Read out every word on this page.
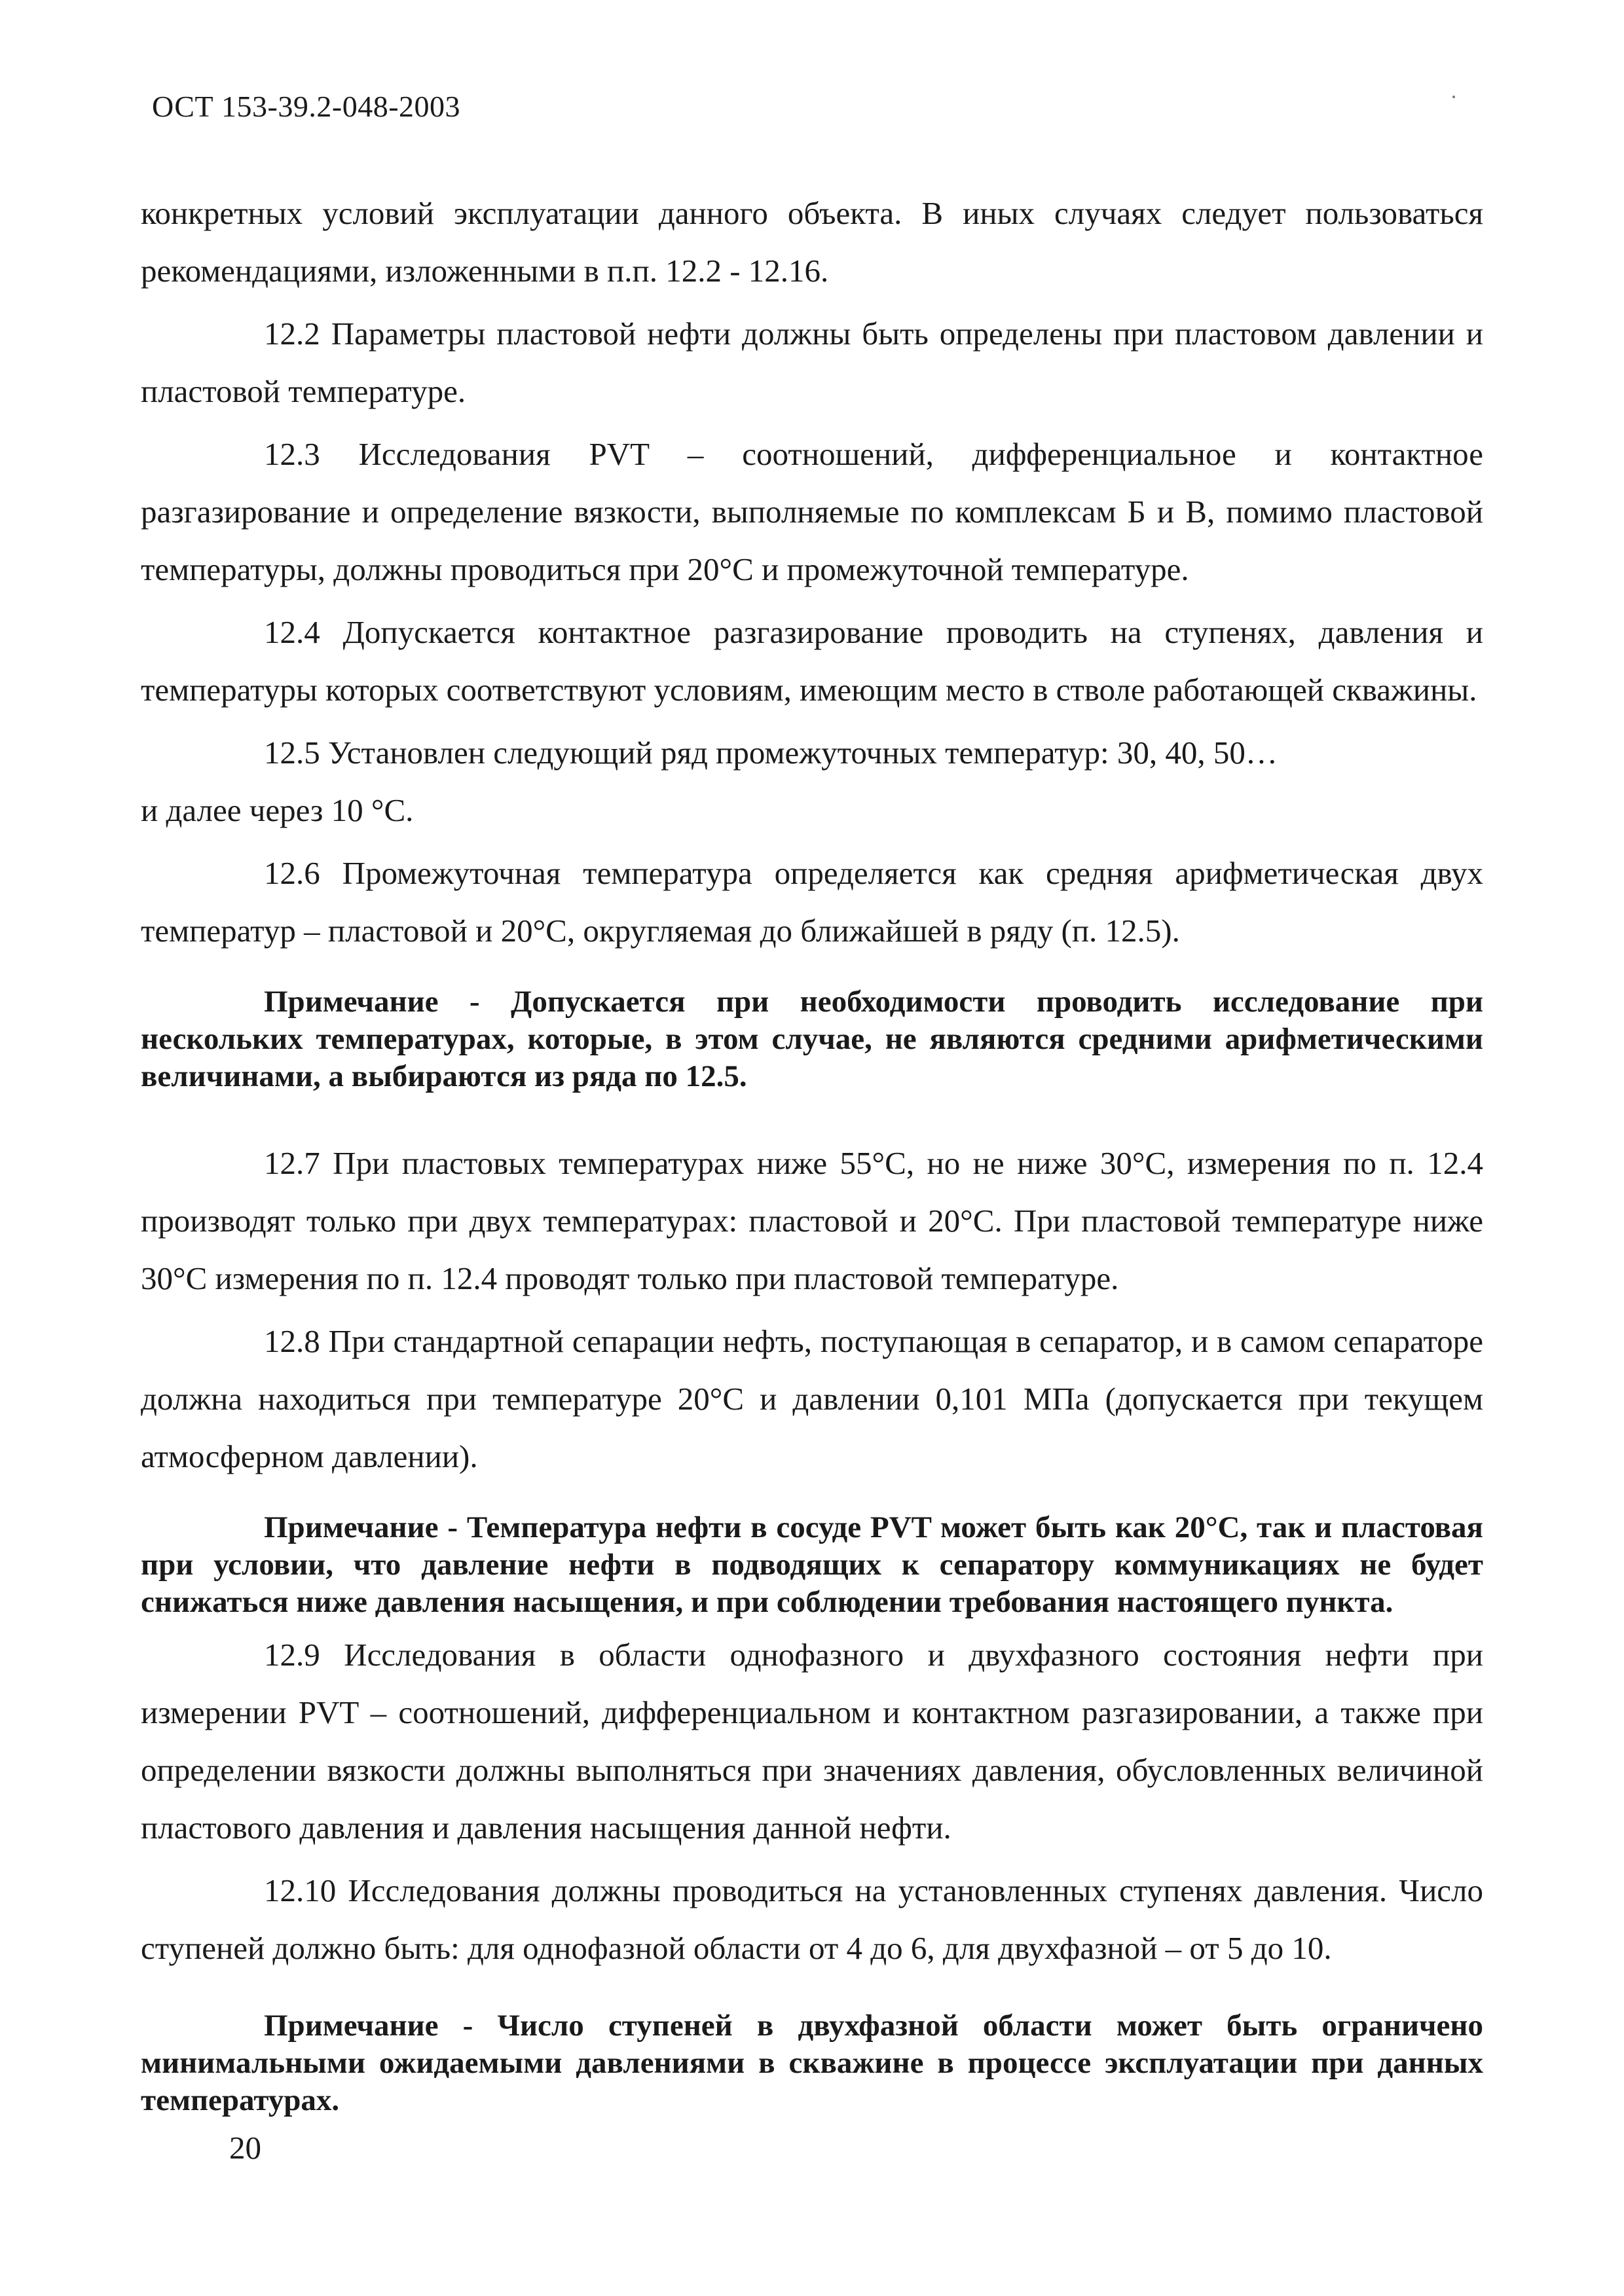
ОСТ 153-39.2-048-2003

конкретных условий эксплуатации данного объекта. В иных случаях следует пользоваться рекомендациями, изложенными в п.п. 12.2 - 12.16.

12.2 Параметры пластовой нефти должны быть определены при пластовом давлении и пластовой температуре.

12.3 Исследования PVT – соотношений, дифференциальное и контактное разгазирование и определение вязкости, выполняемые по комплексам Б и В, помимо пластовой температуры, должны проводиться при 20°С и промежуточной температуре.

12.4 Допускается контактное разгазирование проводить на ступенях, давления и температуры которых соответствуют условиям, имеющим место в стволе работающей скважины.

12.5 Установлен следующий ряд промежуточных температур: 30, 40, 50…

и далее через 10 °С.

12.6 Промежуточная температура определяется как средняя арифметическая двух температур – пластовой и 20°С, округляемая до ближайшей в ряду (п. 12.5).

Примечание - Допускается при необходимости проводить исследование при нескольких температурах, которые, в этом случае, не являются средними арифметическими величинами, а выбираются из ряда по 12.5.

12.7 При пластовых температурах ниже 55°С, но не ниже 30°С, измерения по п. 12.4 производят только при двух температурах: пластовой и 20°С. При пластовой температуре ниже 30°С измерения по п. 12.4 проводят только при пластовой температуре.

12.8 При стандартной сепарации нефть, поступающая в сепаратор, и в самом сепараторе должна находиться при температуре 20°С и давлении 0,101 МПа (допускается при текущем атмосферном давлении).

Примечание - Температура нефти в сосуде PVT может быть как 20°С, так и пластовая при условии, что давление нефти в подводящих к сепаратору коммуникациях не будет снижаться ниже давления насыщения, и при соблюдении требования настоящего пункта.

12.9 Исследования в области однофазного и двухфазного состояния нефти при измерении PVT – соотношений, дифференциальном и контактном разгазировании, а также при определении вязкости должны выполняться при значениях давления, обусловленных величиной пластового давления и давления насыщения данной нефти.

12.10 Исследования должны проводиться на установленных ступенях давления. Число ступеней должно быть: для однофазной области от 4 до 6, для двухфазной – от 5 до 10.

Примечание - Число ступеней в двухфазной области может быть ограничено минимальными ожидаемыми давлениями в скважине в процессе эксплуатации при данных температурах.

20
